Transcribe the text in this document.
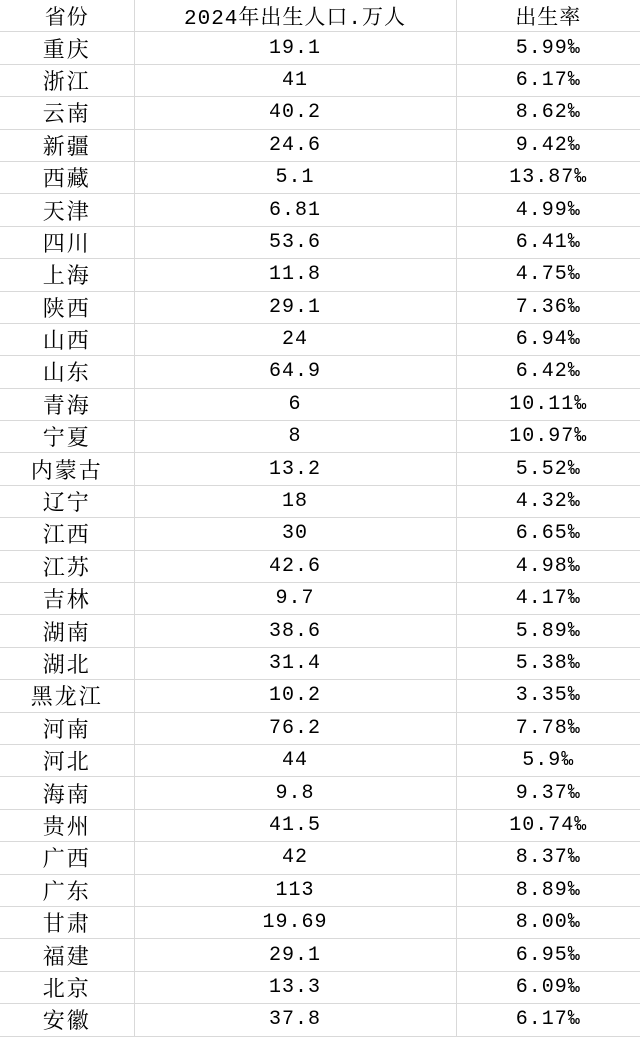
省份	2024年出生人口.万人	出生率
重庆	19.1	5.99‰
浙江	41	6.17‰
云南	40.2	8.62‰
新疆	24.6	9.42‰
西藏	5.1	13.87‰
天津	6.81	4.99‰
四川	53.6	6.41‰
上海	11.8	4.75‰
陕西	29.1	7.36‰
山西	24	6.94‰
山东	64.9	6.42‰
青海	6	10.11‰
宁夏	8	10.97‰
内蒙古	13.2	5.52‰
辽宁	18	4.32‰
江西	30	6.65‰
江苏	42.6	4.98‰
吉林	9.7	4.17‰
湖南	38.6	5.89‰
湖北	31.4	5.38‰
黑龙江	10.2	3.35‰
河南	76.2	7.78‰
河北	44	5.9‰
海南	9.8	9.37‰
贵州	41.5	10.74‰
广西	42	8.37‰
广东	113	8.89‰
甘肃	19.69	8.00‰
福建	29.1	6.95‰
北京	13.3	6.09‰
安徽	37.8	6.17‰
